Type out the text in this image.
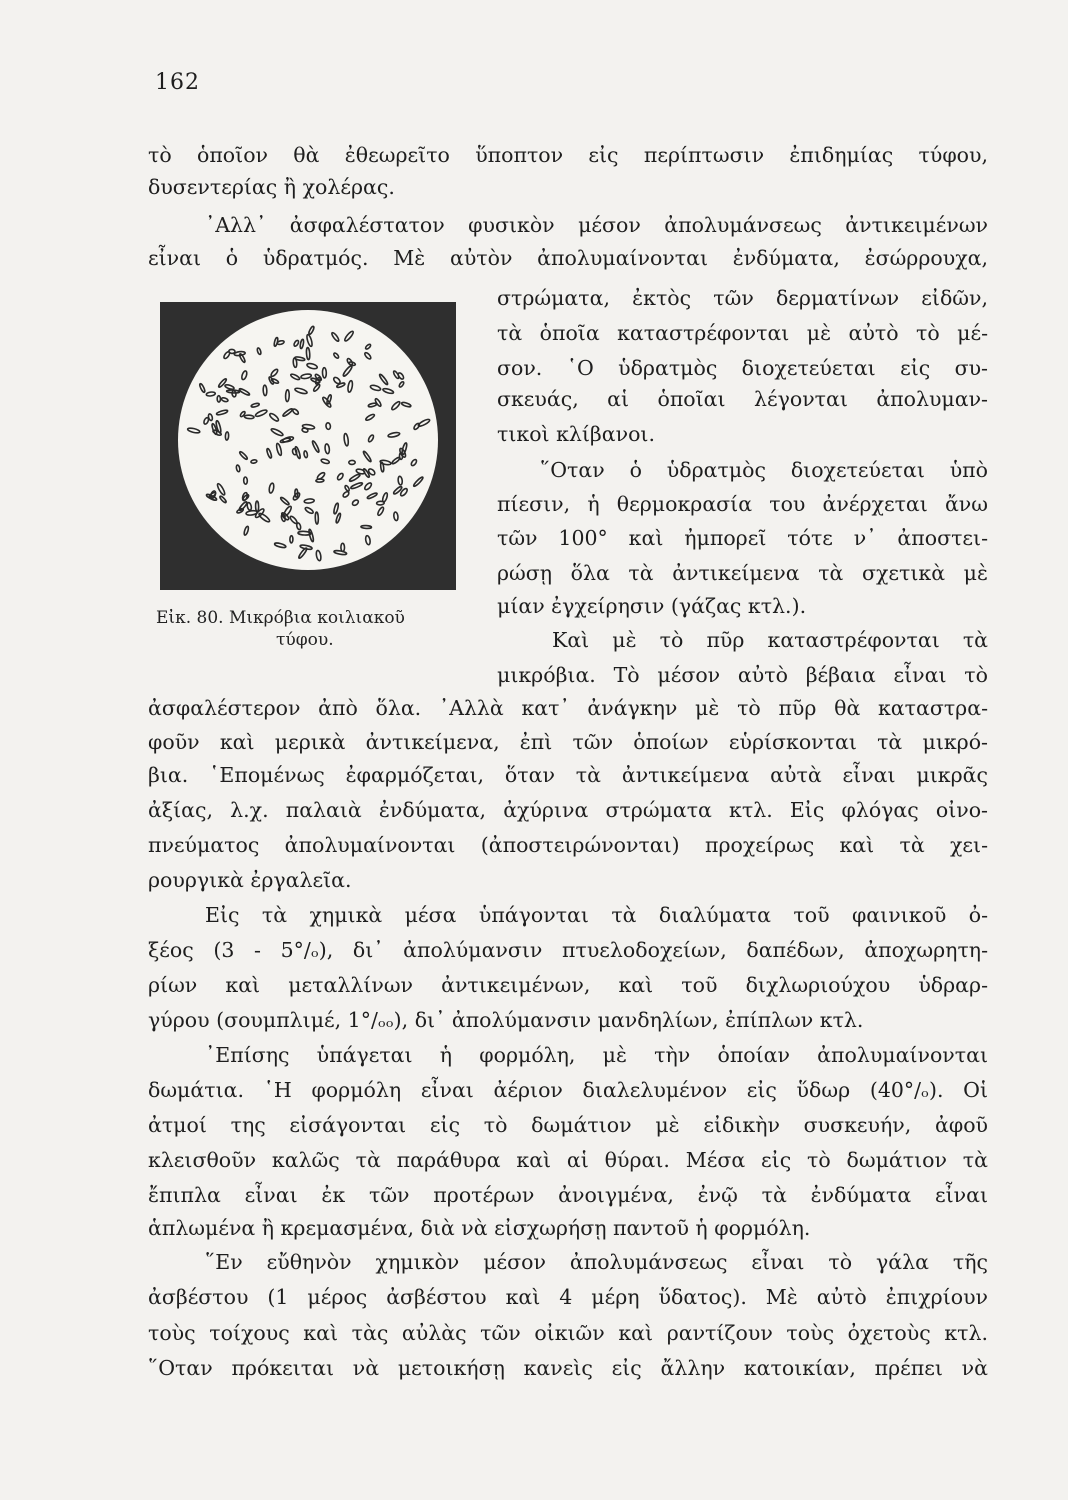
162
τὸ ὁποῖον θὰ ἐθεωρεῖτο ὕποπτον εἰς περίπτωσιν ἐπιδημίας τύφου,
δυσεντερίας ἢ χολέρας.
᾿Αλλ᾿ ἀσφαλέστατον φυσικὸν μέσον ἀπολυμάνσεως ἀντικειμένων
εἶναι ὁ ὑδρατμός. Μὲ αὐτὸν ἀπολυμαίνονται ἐνδύματα, ἐσώρρουχα,
στρώματα, ἐκτὸς τῶν δερματίνων εἰδῶν,
τὰ ὁποῖα καταστρέφονται μὲ αὐτὸ τὸ μέ-
σον. ῾Ο ὑδρατμὸς διοχετεύεται εἰς συ-
σκευάς, αἱ ὁποῖαι λέγονται ἀπολυμαν-
τικοὶ κλίβανοι.
῞Οταν ὁ ὑδρατμὸς διοχετεύεται ὑπὸ
πίεσιν, ἡ θερμοκρασία του ἀνέρχεται ἄνω
τῶν 100° καὶ ἠμπορεῖ τότε ν᾿ ἀποστει-
ρώσῃ ὅλα τὰ ἀντικείμενα τὰ σχετικὰ μὲ
μίαν ἐγχείρησιν (γάζας κτλ.).
Καὶ μὲ τὸ πῦρ καταστρέφονται τὰ
μικρόβια. Τὸ μέσον αὐτὸ βέβαια εἶναι τὸ
ἀσφαλέστερον ἀπὸ ὅλα. ᾿Αλλὰ κατ᾿ ἀνάγκην μὲ τὸ πῦρ θὰ καταστρα-
φοῦν καὶ μερικὰ ἀντικείμενα, ἐπὶ τῶν ὁποίων εὑρίσκονται τὰ μικρό-
βια. ῾Επομένως ἐφαρμόζεται, ὅταν τὰ ἀντικείμενα αὐτὰ εἶναι μικρᾶς
ἀξίας, λ.χ. παλαιὰ ἐνδύματα, ἀχύρινα στρώματα κτλ. Εἰς φλόγας οἰνο-
πνεύματος ἀπολυμαίνονται (ἀποστειρώνονται) προχείρως καὶ τὰ χει-
ρουργικὰ ἐργαλεῖα.
Εἰς τὰ χημικὰ μέσα ὑπάγονται τὰ διαλύματα τοῦ φαινικοῦ ὀ-
ξέος (3 - 5°/ₒ), δι᾿ ἀπολύμανσιν πτυελοδοχείων, δαπέδων, ἀποχωρητη-
ρίων καὶ μεταλλίνων ἀντικειμένων, καὶ τοῦ διχλωριούχου ὑδραρ-
γύρου (σουμπλιμέ, 1°/ₒₒ), δι᾿ ἀπολύμανσιν μανδηλίων, ἐπίπλων κτλ.
᾿Επίσης ὑπάγεται ἡ φορμόλη, μὲ τὴν ὁποίαν ἀπολυμαίνονται
δωμάτια. ῾Η φορμόλη εἶναι ἀέριον διαλελυμένον εἰς ὕδωρ (40°/ₒ). Οἱ
ἀτμοί της εἰσάγονται εἰς τὸ δωμάτιον μὲ εἰδικὴν συσκευήν, ἀφοῦ
κλεισθοῦν καλῶς τὰ παράθυρα καὶ αἱ θύραι. Μέσα εἰς τὸ δωμάτιον τὰ
ἔπιπλα εἶναι ἐκ τῶν προτέρων ἀνοιγμένα, ἐνῷ τὰ ἐνδύματα εἶναι
ἁπλωμένα ἢ κρεμασμένα, διὰ νὰ εἰσχωρήσῃ παντοῦ ἡ φορμόλη.
῞Εν εὔθηνὸν χημικὸν μέσον ἀπολυμάνσεως εἶναι τὸ γάλα τῆς
ἀσβέστου (1 μέρος ἀσβέστου καὶ 4 μέρη ὕδατος). Μὲ αὐτὸ ἐπιχρίουν
τοὺς τοίχους καὶ τὰς αὐλὰς τῶν οἰκιῶν καὶ ραντίζουν τοὺς ὀχετοὺς κτλ.
῞Οταν πρόκειται νὰ μετοικήσῃ κανεὶς εἰς ἄλλην κατοικίαν, πρέπει νὰ
Εἰκ. 80. Μικρόβια κοιλιακοῦ
τύφου.
